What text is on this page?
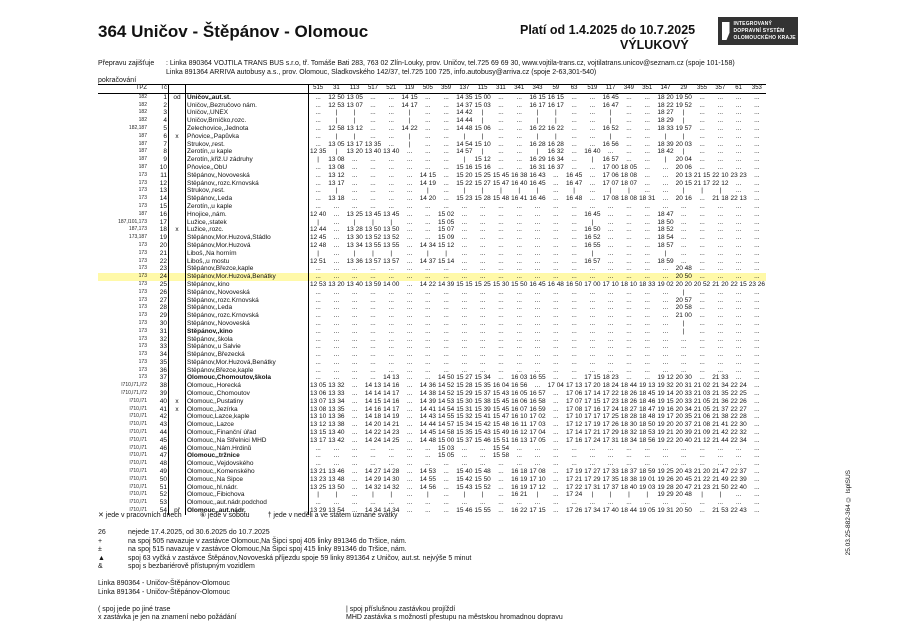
364 Uničov - Štěpánov - Olomouc	Platí od 1.4.2025 do 10.7.2025
VÝLUKOVÝ
INTEGROVANÝ DOPRAVNÍ SYSTÉM OLOMOUCKÉHO KRAJE
Přepravu zajišťuje : Linka 890364 VOJTILA TRANS BUS s.r.o, tř. Tomáše Bati 283, 763 02 Zlín-Louky, prov. Uničov, tel.725 69 69 30, www.vojtila-trans.cz, vojtilatrans.unicov@seznam.cz (spoje 101-158)
Linka 891364 ARRIVA autobusy a.s., prov. Olomouc, Sladkovského 142/37, tel.725 100 725, info.autobusy@arriva.cz (spoje 2-63,301-540)
pokračování
TPZ	Tč			515	31	113	517	521	119	505	359	137	115	311	341	343	59	63	519	117	349	351	147	29	355	357	61	353
182	1	od	Uničov,,aut.st.	...	12 50	13 05	...	...	14 15	...	...	14 35	15 00	...	...	16 15	16 15	...	...	16 45	...	...	18 20	19 50	...	...	...	...
182	2		Uničov,,Bezručovo nám.	...	12 53	13 07	...	...	14 17	...	...	14 37	15 03	...	...	16 17	16 17	...	...	16 47	...	...	18 22	19 52	...	...	...	...
182	3		Uničov,,UNEX	...	|	|	...	...	|	...	...	14 42	|	...	...	|	|	...	...	|	...	...	18 27	|	...	...	...	...
182	4		Uničov,Brníčko,rozc.	...	|	|	...	...	|	...	...	14 44	|	...	...	|	|	...	...	|	...	...	18 29	|	...	...	...	...
182,187	5		Želechovice,,Jednota	...	12 58	13 12	...	...	14 22	...	...	14 48	15 06	...	...	16 22	16 22	...	...	16 52	...	...	18 33	19 57	...	...	...	...
187	6	x	Pňovice,,Papůvka	...	|	|	...	...	|	...	...	|	|	...	...	|	|	...	...	|	...	...	|	|	...	...	...	...
187	7		Štrukov,,rest.	...	13 05	13 17	13 35	...	|	...	...	14 54	15 10	...	...	16 28	16 28	...	...	16 56	...	...	18 39	20 03	...	...	...	...
187	8		Žerotín,,u kaple	12 35	|	13 20	13 40	13 40	...	...	...	14 57	|	...	...	|	16 32	...	16 40	...	...	...	18 42	|	...	...	...	...
187	9		Žerotín,,křiž.U zádruhy	|	13 08	...	...	...	...	...	...	|	15 12	...	...	16 29	16 34	...	|	16 57	...	...	|	20 04	...	...	...	...
187	10		Pňovice,,ObÚ	...	13 08	...	...	...	...	...	...	15 16	15 16	...	...	16 31	16 37	...	...	17 00	18 05	...	...	20 06	...	...	...	...
173	11		Štěpánov,,Novoveská	...	13 12	...	...	...	...	14 15	...	15 20	15 25	15 45	16 38	16 43	...	16 45	...	17 06	18 08	...	...	20 13	21 15	22 10	23 23	...
173	12		Štěpánov,,rozc.Krnovská	...	13 17	...	...	...	...	14 19	...	15 22	15 27	15 47	16 40	16 45	...	16 47	...	17 07	18 07	...	...	20 15	21 17	22 12	...	...
173	13		Štrukov,,rest.	...	|	...	...	...	...	|	...	|	|	|	|	|	...	|	...	|	|	...	...	|	|	|	...	...
173	14		Štěpánov,,Leda	...	13 18	...	...	...	...	14 20	...	15 23	15 28	15 48	16 41	16 46	...	16 48	...	17 08	18 08	18 31	...	20 16	...	21 18	22 13	...
173	15		Žerotín,,u kaple	...	...	...	...	...	...	...	...	...	...	...	...	...	...	...	...	...	...	...	...	...	...	...	...	...
187	16		Hnojice,,nám.	12 40	...	13 25	13 45	13 45	...	...	15 02	...	...	...	...	...	...	...	16 45	...	...	...	18 47	...	...	...	...	...
187,l101,173	17		Lužice,,statek	|	...	|	|	|	...	...	15 05	...	...	...	...	...	...	...	|	...	...	...	18 50	...	...	...	...	...
187,173	18	x	Lužice,,rozc.	12 44	...	13 28	13 50	13 50	...	...	15 07	...	...	...	...	...	...	...	16 50	...	...	...	18 52	...	...	...	...	...
173,187	19		Štěpánov,Mor.Huzová,Stádlo	12 45	...	13 30	13 52	13 52	...	...	15 09	...	...	...	...	...	...	...	16 52	...	...	...	18 54	...	...	...	...	...
173	20		Štěpánov,Mor.Huzová	12 48	...	13 34	13 55	13 55	...	14 34	15 12	...	...	...	...	...	...	...	16 55	...	...	...	18 57	...	...	...	...	...
173	21		Liboš,,Na horním	|	...	|	|	|	...	|	|	...	...	...	...	...	...	...	|	...	...	...	|	...	...	...	...	...
173	22		Liboš,,u mostu	12 51	...	13 36	13 57	13 57	...	14 37	15 14	...	...	...	...	...	...	...	16 57	...	...	...	18 59	...	...	...	...	...
173	23		Štěpánov,Březce,kaple	...	...	...	...	...	...	...	...	...	...	...	...	...	...	...	...	...	...	...	...	20 48	...	...	...	...
173	24		Štěpánov,Mor.Huzová,Benátky	...	...	...	...	...	...	...	...	...	...	...	...	...	...	...	...	...	...	...	...	20 50	...	...	...	...
173	25		Štěpánov,,kino	12 53	13 20	13 40	13 59	14 00	...	14 22	14 39	15 15	15 25	15 30	15 50	16 45	16 48	16 50	17 00	17 10	18 10	18 33	19 02	20 20	20 52	21 20	22 15	23 26
173	26		Štěpánov,,Novoveská	...	...	...	...	...	...	...	...	...	...	...	...	...	...	...	...	...	...	...	...	|	...	...	...	...
173	27		Štěpánov,,rozc.Krnovská	...	...	...	...	...	...	...	...	...	...	...	...	...	...	...	...	...	...	...	...	20 57	...	...	...	...
173	28		Štěpánov,,Leda	...	...	...	...	...	...	...	...	...	...	...	...	...	...	...	...	...	...	...	...	20 58	...	...	...	...
173	29		Štěpánov,,rozc.Krnovská	...	...	...	...	...	...	...	...	...	...	...	...	...	...	...	...	...	...	...	...	21 00	...	...	...	...
173	30		Štěpánov,,Novoveská	...	...	...	...	...	...	...	...	...	...	...	...	...	...	...	...	...	...	...	...	|	...	...	...	...
173	31		Štěpánov,,kino	...	...	...	...	...	...	...	...	...	...	...	...	...	...	...	...	...	...	...	...	|	...	...	...	...
173	32		Štěpánov,,škola	...	...	...	...	...	...	...	...	...	...	...	...	...	...	...	...	...	...	...	...	...	...	...	...	...
173	33		Štěpánov,,u Salvie	...	...	...	...	...	...	...	...	...	...	...	...	...	...	...	...	...	...	...	...	...	...	...	...	...
173	34		Štěpánov,,Březecká	...	...	...	...	...	...	...	...	...	...	...	...	...	...	...	...	...	...	...	...	...	...	...	...	...
173	35		Štěpánov,Mor.Huzová,Benátky	...	...	...	...	...	...	...	...	...	...	...	...	...	...	...	...	...	...	...	...	...	...	...	...	...
173	36		Štěpánov,Březce,kaple	...	...	...	...	...	...	...	...	...	...	...	...	...	...	...	...	...	...	...	...	...	...	...	...	...
173	37		Olomouc,Chomoutov,škola	...	...	...	...	14 13	...	...	14 50	15 27	15 34	...	16 03	16 55	...	...	17 15	18 23	...	...	19 12	20 30	...	21 33	...	...
l710,l71,l72	38		Olomouc,,Horecká	13 05	13 32	...	14 13	14 16	...	14 36	14 52	15 28	15 35	16 04	16 56	...	17 04	17 13	17 20	18 24	18 44	19 13	19 32	20 31	21 02	21 34	22 24	...
l710,l71,l72	39		Olomouc,,Chomoutov	13 06	13 33	...	14 14	14 17	...	14 38	14 52	15 29	15 37	15 43	16 05	16 57	...	17 06	17 14	17 22	18 26	18 45	19 14	20 33	21 03	21 35	22 25	...
l710,l71	40	x	Olomouc,,Pustatiny	13 07	13 34	...	14 15	14 16	...	14 39	14 53	15 30	15 38	15 45	16 06	16 58	...	17 07	17 15	17 23	18 26	18 46	19 15	20 33	21 05	21 36	22 26	...
l710,l71	41	x	Olomouc,,Jezírka	13 08	13 35	...	14 16	14 17	...	14 41	14 54	15 31	15 39	15 45	16 07	16 59	...	17 08	17 16	17 24	18 27	18 47	19 16	20 34	21 05	21 37	22 27	...
l710,l71	42		Olomouc,Lazce,kaple	13 10	13 36	...	14 18	14 19	...	14 43	14 55	15 32	15 41	15 47	16 10	17 02	...	17 10	17 17	17 25	18 28	18 48	19 17	20 35	21 06	21 38	22 28	...
l710,l71	43		Olomouc,,Lazce	13 12	13 38	...	14 20	14 21	...	14 44	14 57	15 34	15 42	15 48	16 11	17 03	...	17 12	17 19	17 26	18 30	18 50	19 20	20 37	21 08	21 41	22 30	...
l710,l71	44		Olomouc,,Finanční úřad	13 15	13 40	...	14 22	14 23	...	14 45	14 58	15 35	15 43	15 49	16 12	17 04	...	17 14	17 21	17 29	18 32	18 53	19 21	20 39	21 09	21 42	22 32	...
l710,l71	45		Olomouc,,Na Střelnici MHD	13 17	13 42	...	14 24	14 25	...	14 48	15 00	15 37	15 46	15 51	16 13	17 05	...	17 16	17 24	17 31	18 34	18 56	19 22	20 40	21 12	21 44	22 34	...
l710,l71	46		Olomouc,,Nám.Hrdinů	...	...	...	...	...	...	...	15 03	...	...	15 54	...	...	...	...	...	...	...	...	...	...	...	...	...	...
l710,l71	47		Olomouc,,tržnice	...	...	...	...	...	...	...	15 05	...	...	15 58	...	...	...	...	...	...	...	...	...	...	...	...	...	...
l710,l71	48		Olomouc,,Vejdovského	...	...	...	...	...	...	...	...	...	...	...	...	...	...	...	...	...	...	...	...	...	...	...	...	...
l710,l71	49		Olomouc,,Komenského	13 21	13 46	...	14 27	14 28	...	14 53	...	15 40	15 48	...	16 18	17 08	...	17 19	17 27	17 33	18 37	18 59	19 25	20 43	21 20	21 47	22 37	...
l710,l71	50		Olomouc,,Na Šipce	13 23	13 48	...	14 29	14 30	...	14 55	...	15 42	15 50	...	16 19	17 10	...	17 21	17 29	17 35	18 38	19 01	19 26	20 45	21 22	21 49	22 39	...
l710,l71	51		Olomouc,,hl.nádr.	13 25	13 50	...	14 32	14 32	...	14 56	...	15 43	15 52	...	16 19	17 12	...	17 22	17 31	17 37	18 40	19 03	19 28	20 47	21 23	21 50	22 40	...
l710,l71	52		Olomouc,,Fibichova	|	|	...	|	|	...	|	...	|	|	...	16 21	|	...	17 24	|	|	|	|	19 29	20 48	|	|	...	...
l710,l71	53		Olomouc,,aut.nádr.podchod	...	...	...	...	...	...	...	...	...	...	...	...	...	...	...	...	...	...	...	...	...	...	...	...	...
l710,l71	54	př	Olomouc,,aut.nádr.	13 29	13 54	...	14 34	14 34	...	...	...	15 46	15 55	...	16 22	17 15	...	17 26	17 34	17 40	18 44	19 05	19 31	20 50	...	21 53	22 43	...
✕ jede v pracovních dnech	⑥ jede v sobotu	† jede v neděli a ve státem uznané svátky

26	nejede 17.4.2025, od 30.6.2025 do 10.7.2025
+	na spoj 505 navazuje v zastávce Olomouc,Na Šipci spoj 405 linky 891346 do Tršice, nám.
±	na spoj 515 navazuje v zastávce Olomouc,Na Šipci spoj 415 linky 891346 do Tršice, nám.
▲	spoj 63 vyčká v zastávce Štěpánov,Novoveská příjezdu spoje 59 linky 891364 z Uničov, aut.st. nejvýše 5 minut
&	spoj s bezbariérově přístupným vozidlem

Linka 890364 - Uničov-Štěpánov-Olomouc
Linka 891364 - Uničov-Štěpánov-Olomouc

( spoj jede po jiné trase	| spoj příslušnou zastávkou projíždí
x zastávka je jen na znamení nebo požádání	MHD zastávka s možností přestupu na městskou hromadnou dopravu
25.03.25-882-364 © IsplSUS
